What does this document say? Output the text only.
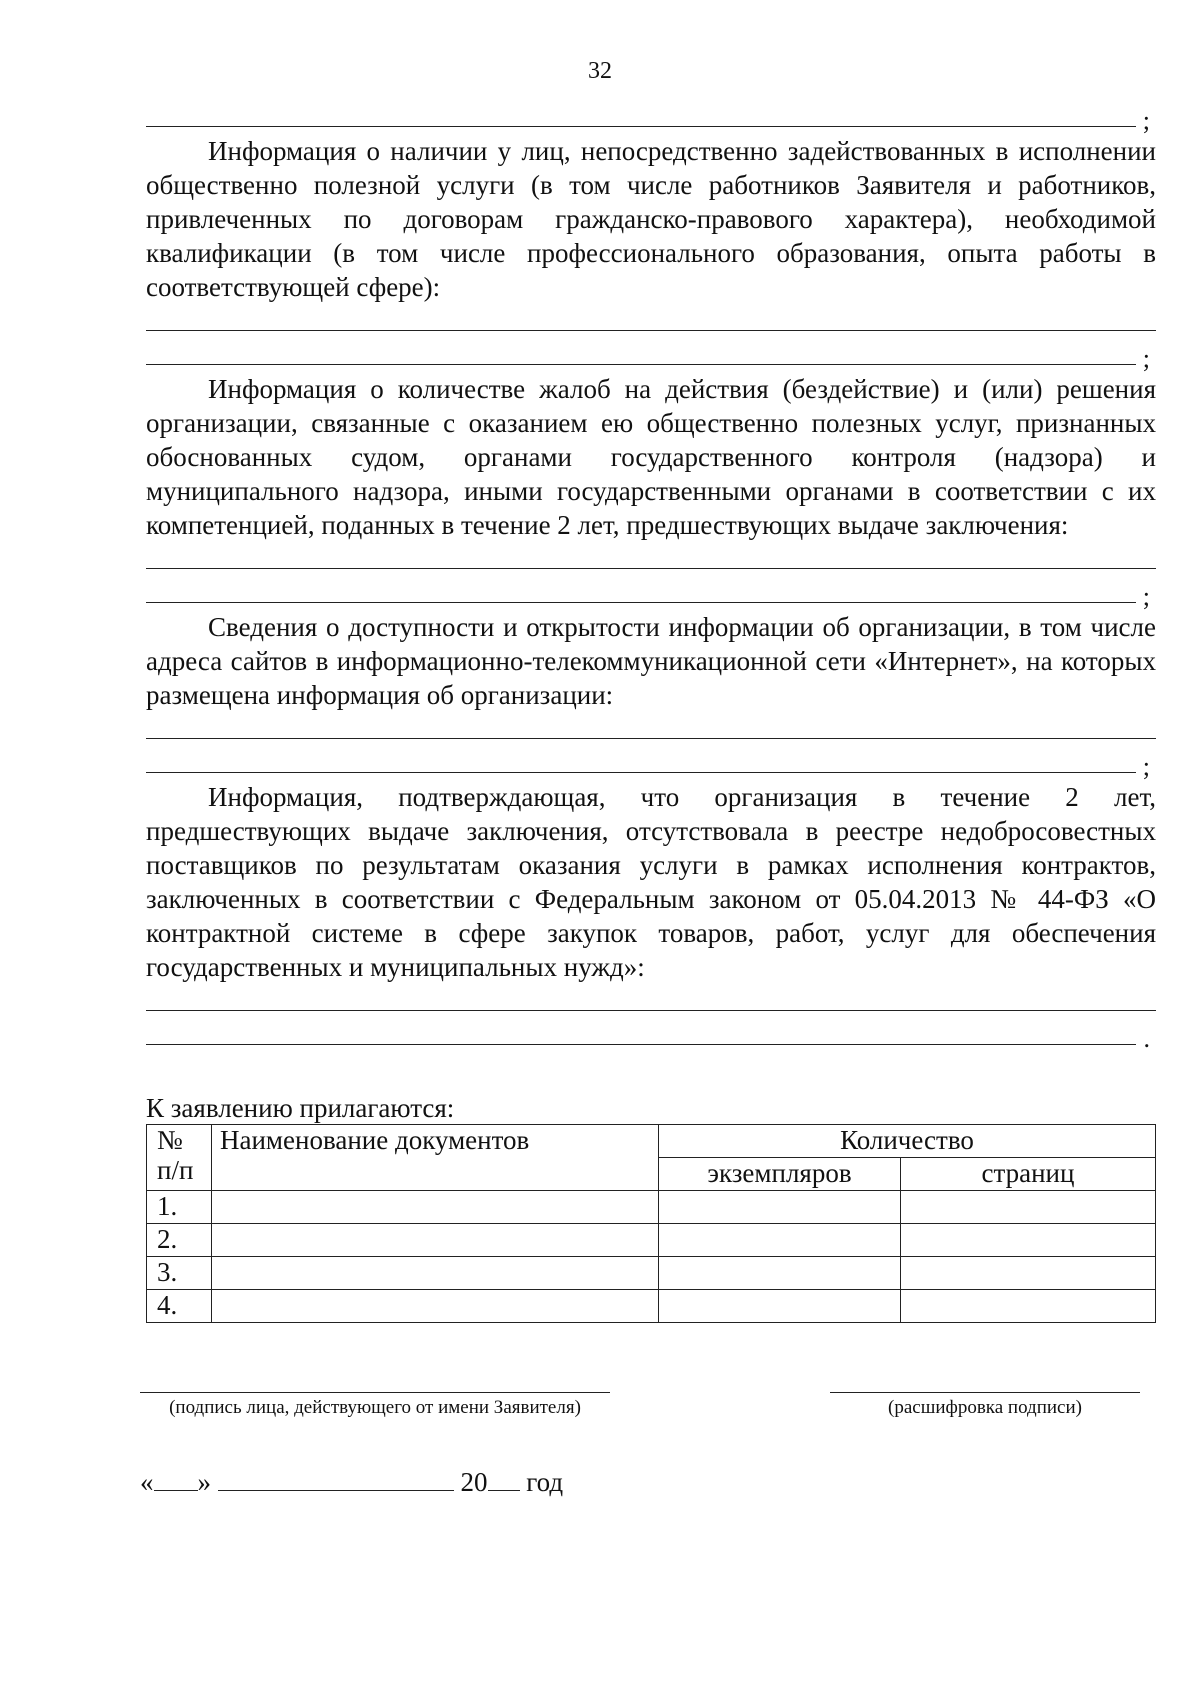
32
;

Информация о наличии у лиц, непосредственно задействованных в исполнении общественно полезной услуги (в том числе работников Заявителя и работников, привлеченных по договорам гражданско-правового характера), необходимой квалификации (в том числе профессионального образования, опыта работы в соответствующей сфере):

;

Информация о количестве жалоб на действия (бездействие) и (или) решения организации, связанные с оказанием ею общественно полезных услуг, признанных обоснованных судом, органами государственного контроля (надзора) и муниципального надзора, иными государственными органами в соответствии с их компетенцией, поданных в течение 2 лет, предшествующих выдаче заключения:

;

Сведения о доступности и открытости информации об организации, в том числе адреса сайтов в информационно-телекоммуникационной сети «Интернет», на которых размещена информация об организации:

;

Информация, подтверждающая, что организация в течение 2 лет, предшествующих выдаче заключения, отсутствовала в реестре недобросовестных поставщиков по результатам оказания услуги в рамках исполнения контрактов, заключенных в соответствии с Федеральным законом от 05.04.2013 № 44-ФЗ «О контрактной системе в сфере закупок товаров, работ, услуг для обеспечения государственных и муниципальных нужд»:

.
К заявлению прилагаются:
№ п/п	Наименование документов	Количество	
		экземпляров	страниц
1.			
2.			
3.			
4.			
(подпись лица, действующего от имени Заявителя)	(расшифровка подписи)
« »	20 год
